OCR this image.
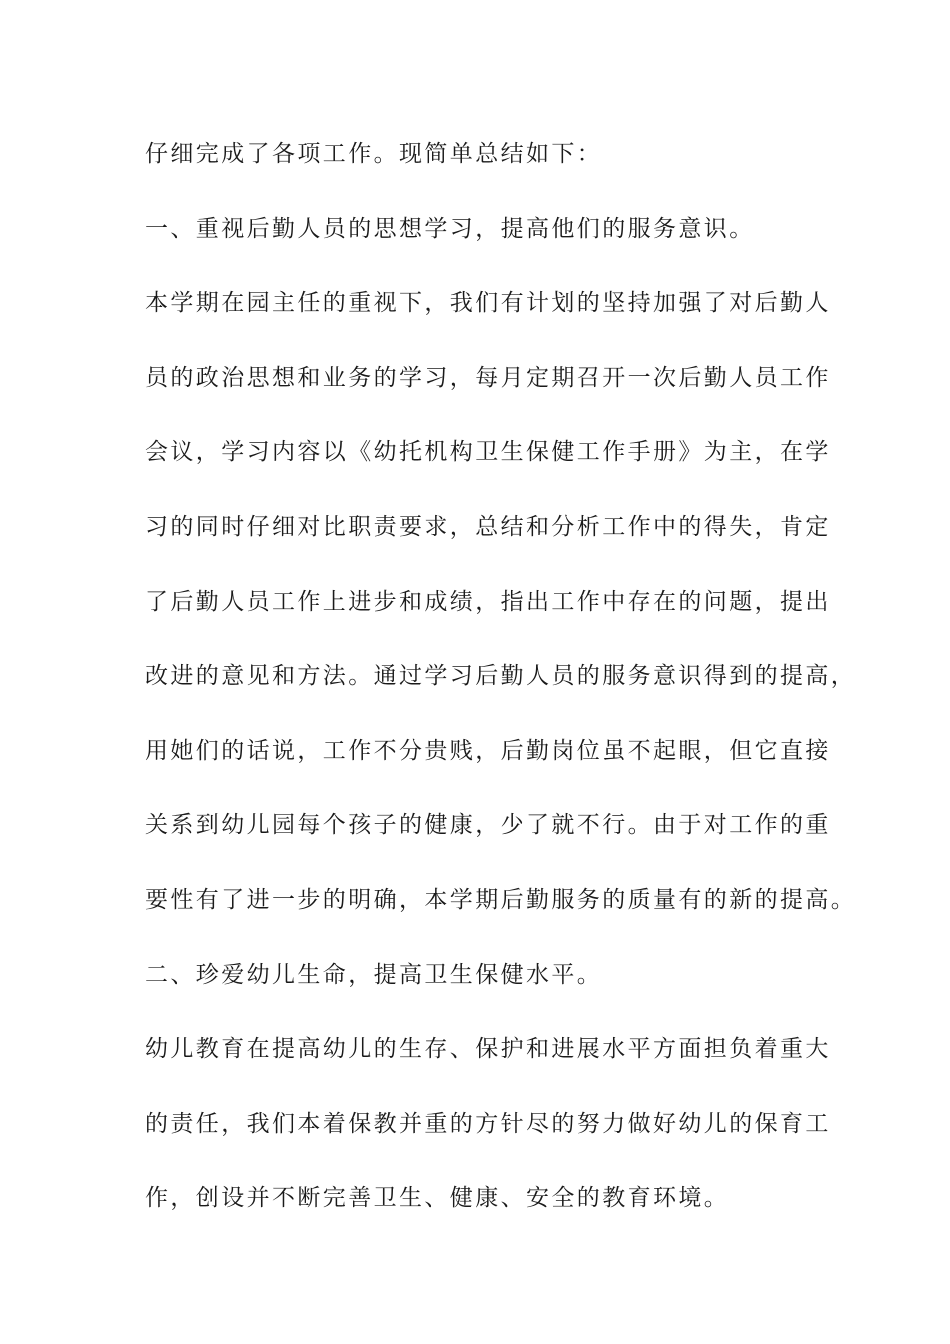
仔细完成了各项工作。现简单总结如下：
一、重视后勤人员的思想学习，提高他们的服务意识。
本学期在园主任的重视下，我们有计划的坚持加强了对后勤人
员的政治思想和业务的学习，每月定期召开一次后勤人员工作
会议，学习内容以《幼托机构卫生保健工作手册》为主，在学
习的同时仔细对比职责要求，总结和分析工作中的得失，肯定
了后勤人员工作上进步和成绩，指出工作中存在的问题，提出
改进的意见和方法。通过学习后勤人员的服务意识得到的提高，
用她们的话说，工作不分贵贱，后勤岗位虽不起眼，但它直接
关系到幼儿园每个孩子的健康，少了就不行。由于对工作的重
要性有了进一步的明确，本学期后勤服务的质量有的新的提高。
二、珍爱幼儿生命，提高卫生保健水平。
幼儿教育在提高幼儿的生存、保护和进展水平方面担负着重大
的责任，我们本着保教并重的方针尽的努力做好幼儿的保育工
作，创设并不断完善卫生、健康、安全的教育环境。
